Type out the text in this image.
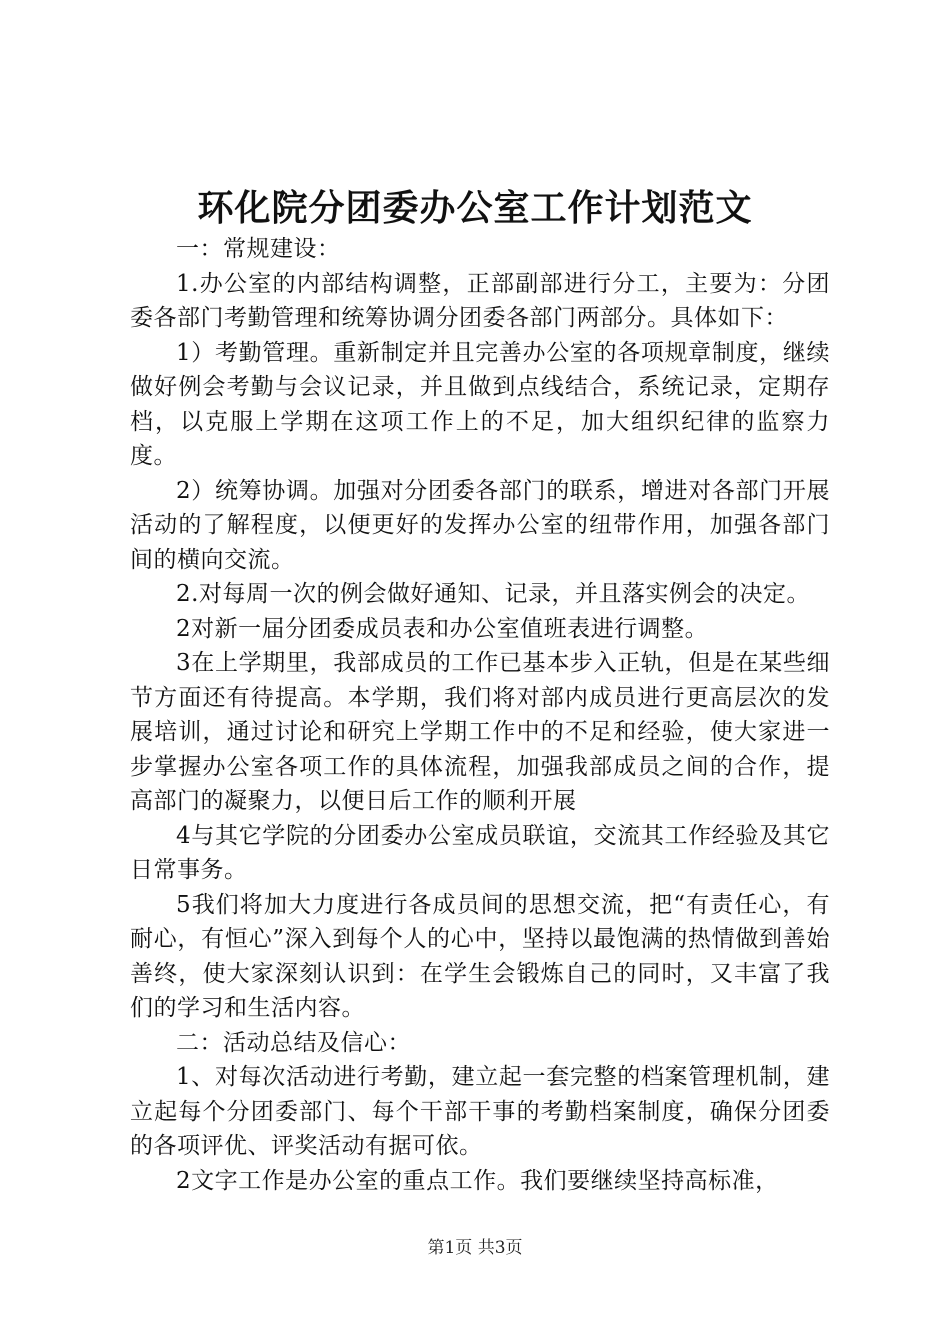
环化院分团委办公室工作计划范文

一：常规建设：

1.办公室的内部结构调整，正部副部进行分工，主要为：分团委各部门考勤管理和统筹协调分团委各部门两部分。具体如下：

1）考勤管理。重新制定并且完善办公室的各项规章制度，继续做好例会考勤与会议记录，并且做到点线结合，系统记录，定期存档，以克服上学期在这项工作上的不足，加大组织纪律的监察力度。

2）统筹协调。加强对分团委各部门的联系，增进对各部门开展活动的了解程度，以便更好的发挥办公室的纽带作用，加强各部门间的横向交流。

2.对每周一次的例会做好通知、记录，并且落实例会的决定。

2对新一届分团委成员表和办公室值班表进行调整。

3在上学期里，我部成员的工作已基本步入正轨，但是在某些细节方面还有待提高。本学期，我们将对部内成员进行更高层次的发展培训，通过讨论和研究上学期工作中的不足和经验，使大家进一步掌握办公室各项工作的具体流程，加强我部成员之间的合作，提高部门的凝聚力，以便日后工作的顺利开展

4与其它学院的分团委办公室成员联谊，交流其工作经验及其它日常事务。

5我们将加大力度进行各成员间的思想交流，把“有责任心，有耐心，有恒心”深入到每个人的心中，坚持以最饱满的热情做到善始善终，使大家深刻认识到：在学生会锻炼自己的同时，又丰富了我们的学习和生活内容。

二：活动总结及信心：

1、对每次活动进行考勤，建立起一套完整的档案管理机制，建立起每个分团委部门、每个干部干事的考勤档案制度，确保分团委的各项评优、评奖活动有据可依。

2文字工作是办公室的重点工作。我们要继续坚持高标准，

第1页 共3页
